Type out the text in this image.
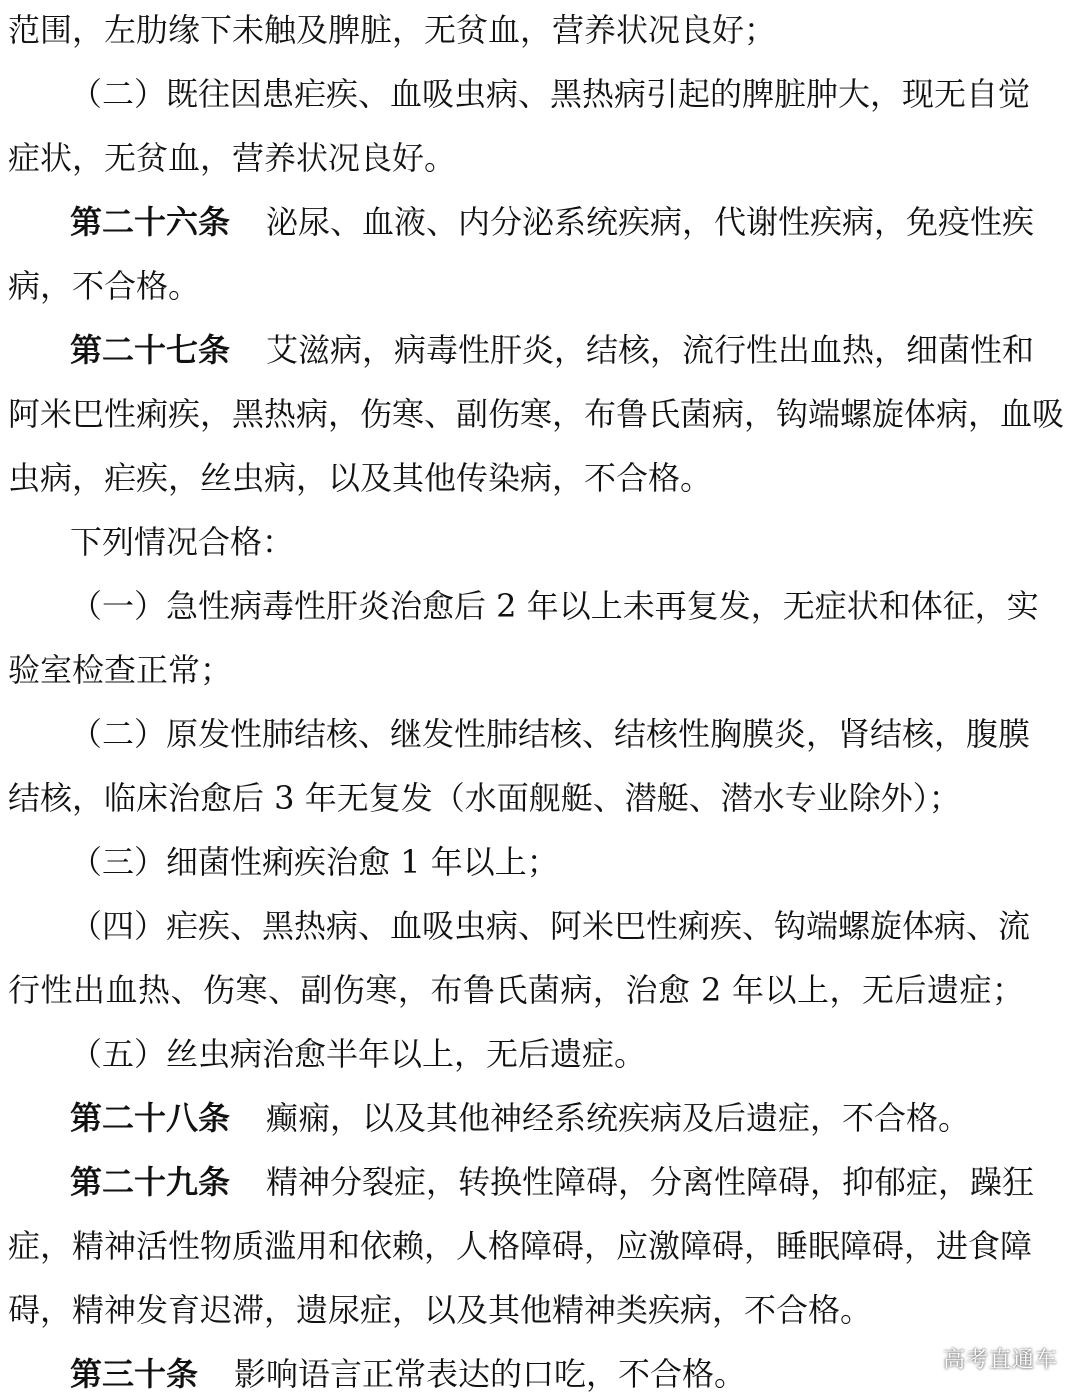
范围，左肋缘下未触及脾脏，无贫血，营养状况良好；
（二）既往因患疟疾、血吸虫病、黑热病引起的脾脏肿大，现无自觉
症状，无贫血，营养状况良好。
第二十六条 泌尿、血液、内分泌系统疾病，代谢性疾病，免疫性疾
病，不合格。
第二十七条 艾滋病，病毒性肝炎，结核，流行性出血热，细菌性和
阿米巴性痢疾，黑热病，伤寒、副伤寒，布鲁氏菌病，钩端螺旋体病，血吸
虫病，疟疾，丝虫病，以及其他传染病，不合格。
下列情况合格：
（一）急性病毒性肝炎治愈后 2 年以上未再复发，无症状和体征，实
验室检查正常；
（二）原发性肺结核、继发性肺结核、结核性胸膜炎，肾结核，腹膜
结核，临床治愈后 3 年无复发（水面舰艇、潜艇、潜水专业除外）；
（三）细菌性痢疾治愈 1 年以上；
（四）疟疾、黑热病、血吸虫病、阿米巴性痢疾、钩端螺旋体病、流
行性出血热、伤寒、副伤寒，布鲁氏菌病，治愈 2 年以上，无后遗症；
（五）丝虫病治愈半年以上，无后遗症。
第二十八条 癫痫，以及其他神经系统疾病及后遗症，不合格。
第二十九条 精神分裂症，转换性障碍，分离性障碍，抑郁症，躁狂
症，精神活性物质滥用和依赖，人格障碍，应激障碍，睡眠障碍，进食障
碍，精神发育迟滞，遗尿症，以及其他精神类疾病，不合格。
第三十条 影响语言正常表达的口吃，不合格。	高考直通车
